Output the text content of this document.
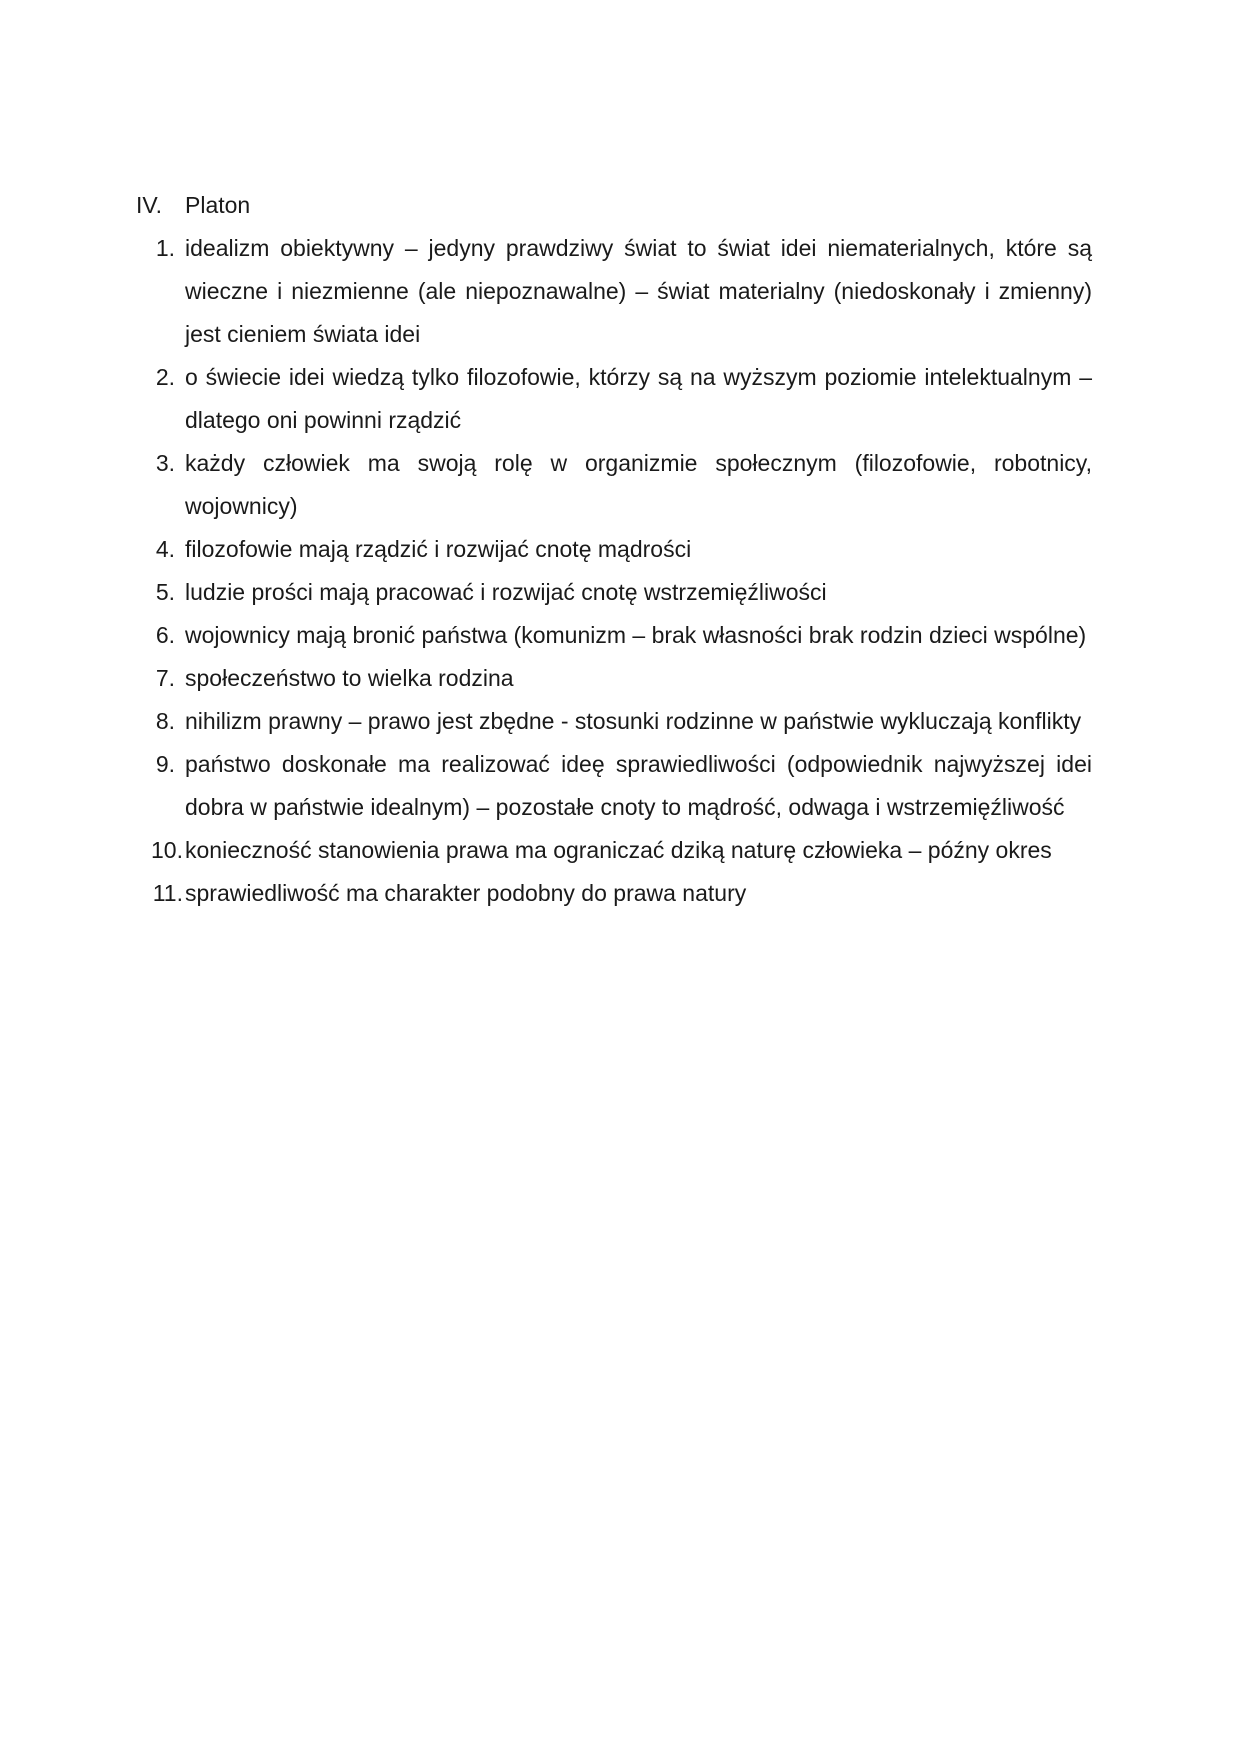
IV. Platon
1. idealizm obiektywny – jedyny prawdziwy świat to świat idei niematerialnych, które są wieczne i niezmienne (ale niepoznawalne) – świat materialny (niedoskonały i zmienny) jest cieniem świata idei
2. o świecie idei wiedzą tylko filozofowie, którzy są na wyższym poziomie intelektualnym – dlatego oni powinni rządzić
3. każdy człowiek ma swoją rolę w organizmie społecznym (filozofowie, robotnicy, wojownicy)
4. filozofowie mają rządzić i rozwijać cnotę mądrości
5. ludzie prości mają pracować i rozwijać cnotę wstrzemięźliwości
6. wojownicy mają bronić państwa (komunizm – brak własności brak rodzin dzieci wspólne)
7. społeczeństwo to wielka rodzina
8. nihilizm prawny – prawo jest zbędne - stosunki rodzinne w państwie wykluczają konflikty
9. państwo doskonałe ma realizować ideę sprawiedliwości (odpowiednik najwyższej idei dobra w państwie idealnym) – pozostałe cnoty to mądrość, odwaga i wstrzemięźliwość
10. konieczność stanowienia prawa ma ograniczać dziką naturę człowieka – późny okres
11. sprawiedliwość ma charakter podobny do prawa natury
